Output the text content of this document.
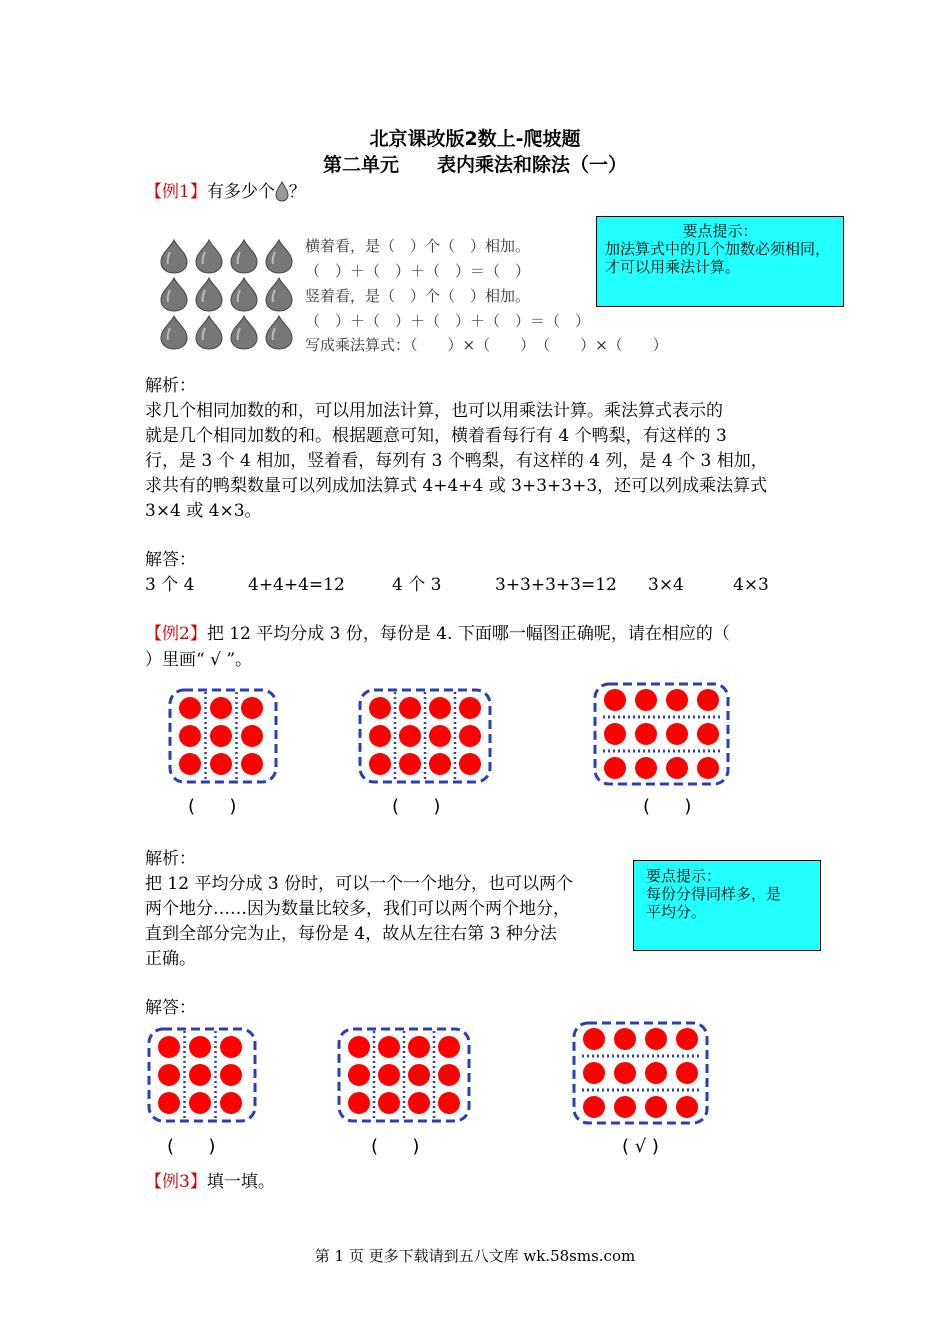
北京课改版2数上-爬坡题
第二单元　　表内乘法和除法（一）
【例1】有多少个 ？
横着看，是（　）个（　）相加。
（　）＋（　）＋（　）＝（　）
竖着看，是（　）个（　）相加。
（　）＋（　）＋（　）＋（　）＝（　）
写成乘法算式：（　　）×（　　）　（　　）×（　　）
要点提示：
加法算式中的几个加数必须相同，才可以用乘法计算。
解析：
求几个相同加数的和，可以用加法计算，也可以用乘法计算。乘法算式表示的
就是几个相同加数的和。根据题意可知，横着看每行有 4 个鸭梨，有这样的 3
行，是 3 个 4 相加，竖着看，每列有 3 个鸭梨，有这样的 4 列，是 4 个 3 相加，
求共有的鸭梨数量可以列成加法算式 4+4+4 或 3+3+3+3，还可以列成乘法算式
3×4 或 4×3。
解答：
3 个 4	4+4+4=12	4 个 3	3+3+3+3=12 3×4	4×3
【例2】把 12 平均分成 3 份，每份是 4. 下面哪一幅图正确呢，请在相应的（
）里画“ √ ”。
(      )	(      )	(      )
解析：
把 12 平均分成 3 份时，可以一个一个地分，也可以两个
两个地分……因为数量比较多，我们可以两个两个地分，
直到全部分完为止，每份是 4，故从左往右第 3 种分法
正确。
要点提示：
每份分得同样多，是
平均分。
解答：
(      )	(      )	( √ )
【例3】填一填。
第 1 页 更多下载请到五八文库 wk.58sms.com
